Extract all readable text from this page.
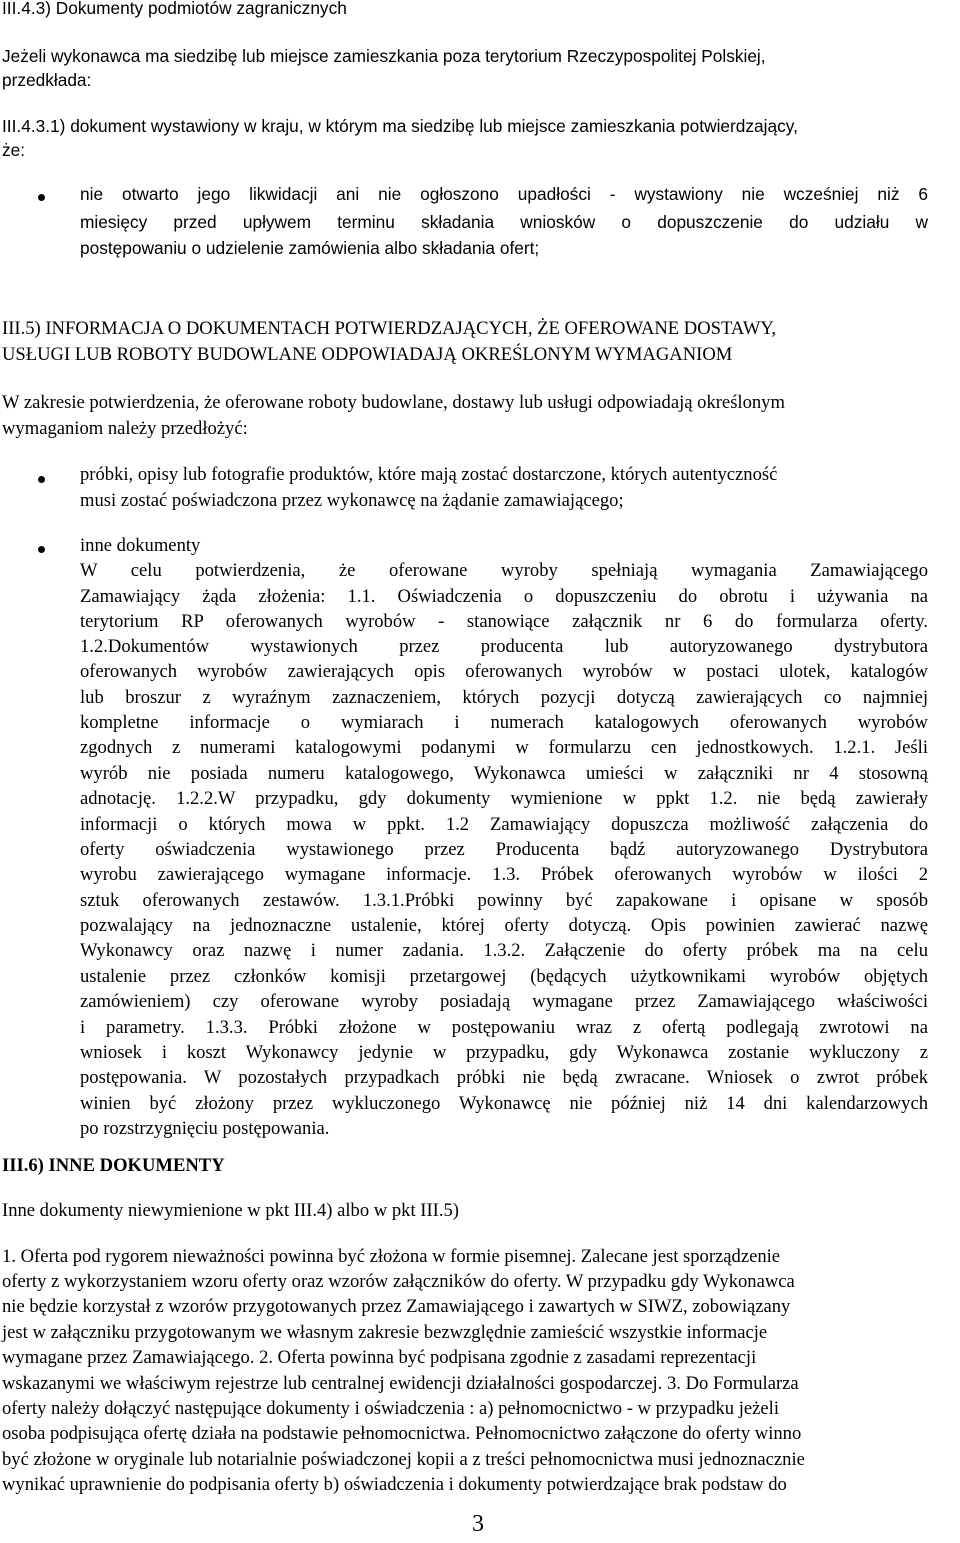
III.4.3) Dokumenty podmiotów zagranicznych

Jeżeli wykonawca ma siedzibę lub miejsce zamieszkania poza terytorium Rzeczypospolitej Polskiej,

przedkłada:

III.4.3.1) dokument wystawiony w kraju, w którym ma siedzibę lub miejsce zamieszkania potwierdzający,

że:

nie otwarto jego likwidacji ani nie ogłoszono upadłości - wystawiony nie wcześniej niż 6

miesięcy przed upływem terminu składania wniosków o dopuszczenie do udziału w

postępowaniu o udzielenie zamówienia albo składania ofert;

III.5) INFORMACJA O DOKUMENTACH POTWIERDZAJĄCYCH, ŻE OFEROWANE DOSTAWY,

USŁUGI LUB ROBOTY BUDOWLANE ODPOWIADAJĄ OKREŚLONYM WYMAGANIOM

W zakresie potwierdzenia, że oferowane roboty budowlane, dostawy lub usługi odpowiadają określonym

wymaganiom należy przedłożyć:

próbki, opisy lub fotografie produktów, które mają zostać dostarczone, których autentyczność

musi zostać poświadczona przez wykonawcę na żądanie zamawiającego;

inne dokumenty

W celu potwierdzenia, że oferowane wyroby spełniają wymagania Zamawiającego

Zamawiający żąda złożenia: 1.1. Oświadczenia o dopuszczeniu do obrotu i używania na

terytorium RP oferowanych wyrobów - stanowiące załącznik nr 6 do formularza oferty.

1.2.Dokumentów wystawionych przez producenta lub autoryzowanego dystrybutora

oferowanych wyrobów zawierających opis oferowanych wyrobów w postaci ulotek, katalogów

lub broszur z wyraźnym zaznaczeniem, których pozycji dotyczą zawierających co najmniej

kompletne informacje o wymiarach i numerach katalogowych oferowanych wyrobów

zgodnych z numerami katalogowymi podanymi w formularzu cen jednostkowych. 1.2.1. Jeśli

wyrób nie posiada numeru katalogowego, Wykonawca umieści w załączniki nr 4 stosowną

adnotację. 1.2.2.W przypadku, gdy dokumenty wymienione w ppkt 1.2. nie będą zawierały

informacji o których mowa w ppkt. 1.2 Zamawiający dopuszcza możliwość załączenia do

oferty oświadczenia wystawionego przez Producenta bądź autoryzowanego Dystrybutora

wyrobu zawierającego wymagane informacje. 1.3. Próbek oferowanych wyrobów w ilości 2

sztuk oferowanych zestawów. 1.3.1.Próbki powinny być zapakowane i opisane w sposób

pozwalający na jednoznaczne ustalenie, której oferty dotyczą. Opis powinien zawierać nazwę

Wykonawcy oraz nazwę i numer zadania. 1.3.2. Załączenie do oferty próbek ma na celu

ustalenie przez członków komisji przetargowej (będących użytkownikami wyrobów objętych

zamówieniem) czy oferowane wyroby posiadają wymagane przez Zamawiającego właściwości

i parametry. 1.3.3. Próbki złożone w postępowaniu wraz z ofertą podlegają zwrotowi na

wniosek i koszt Wykonawcy jedynie w przypadku, gdy Wykonawca zostanie wykluczony z

postępowania. W pozostałych przypadkach próbki nie będą zwracane. Wniosek o zwrot próbek

winien być złożony przez wykluczonego Wykonawcę nie później niż 14 dni kalendarzowych

po rozstrzygnięciu postępowania.

III.6) INNE DOKUMENTY

Inne dokumenty niewymienione w pkt III.4) albo w pkt III.5)

1. Oferta pod rygorem nieważności powinna być złożona w formie pisemnej. Zalecane jest sporządzenie

oferty z wykorzystaniem wzoru oferty oraz wzorów załączników do oferty. W przypadku gdy Wykonawca

nie będzie korzystał z wzorów przygotowanych przez Zamawiającego i zawartych w SIWZ, zobowiązany

jest w załączniku przygotowanym we własnym zakresie bezwzględnie zamieścić wszystkie informacje

wymagane przez Zamawiającego. 2. Oferta powinna być podpisana zgodnie z zasadami reprezentacji

wskazanymi we właściwym rejestrze lub centralnej ewidencji działalności gospodarczej. 3. Do Formularza

oferty należy dołączyć następujące dokumenty i oświadczenia : a) pełnomocnictwo - w przypadku jeżeli

osoba podpisująca ofertę działa na podstawie pełnomocnictwa. Pełnomocnictwo załączone do oferty winno

być złożone w oryginale lub notarialnie poświadczonej kopii a z treści pełnomocnictwa musi jednoznacznie

wynikać uprawnienie do podpisania oferty b) oświadczenia i dokumenty potwierdzające brak podstaw do

3
